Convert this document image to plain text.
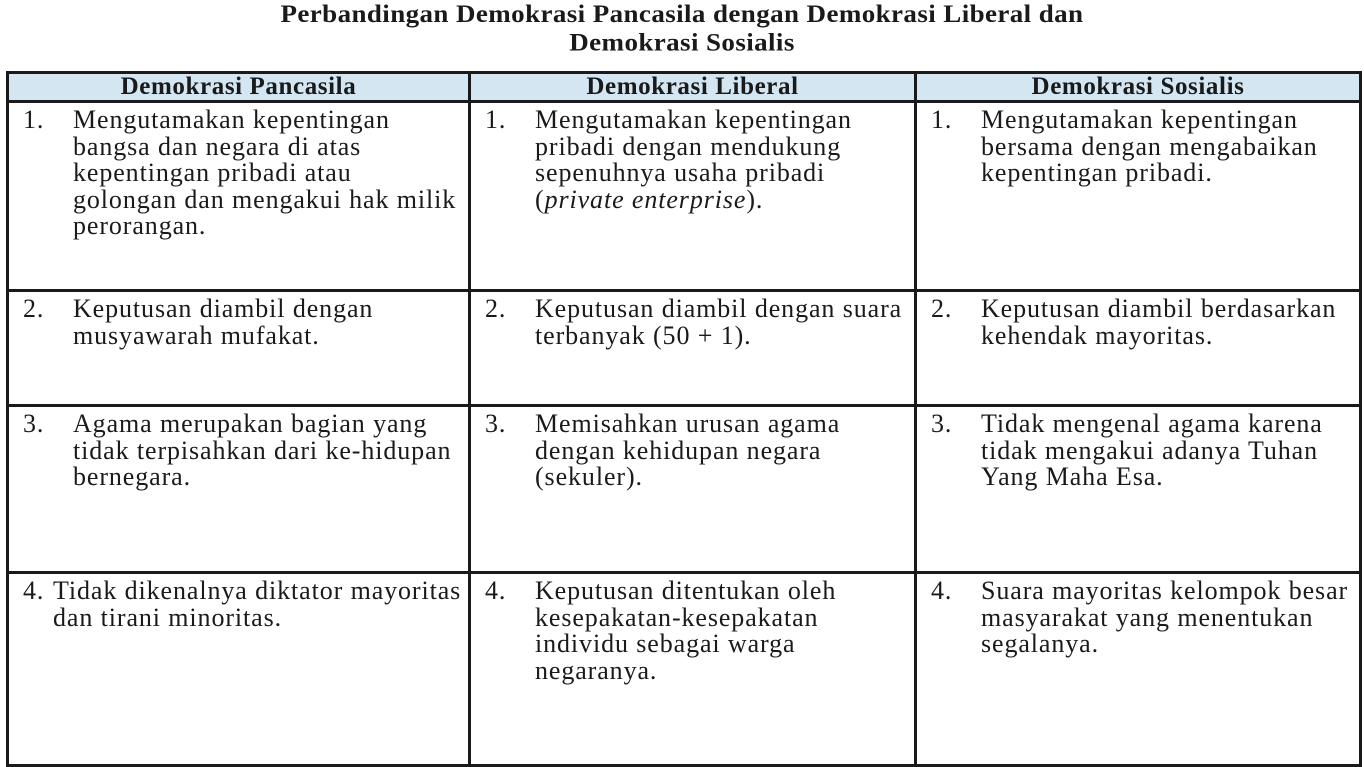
Perbandingan Demokrasi Pancasila dengan Demokrasi Liberal dan
Demokrasi Sosialis
Demokrasi Pancasila	Demokrasi Liberal	Demokrasi Sosialis

1. Mengutamakan kepentingan bangsa dan negara di atas kepentingan pribadi atau golongan dan mengakui hak milik perorangan.	1. Mengutamakan kepentingan pribadi dengan mendukung sepenuhnya usaha pribadi (private enterprise).	1. Mengutamakan kepentingan bersama dengan mengabaikan kepentingan pribadi.

2. Keputusan diambil dengan musyawarah mufakat.	2. Keputusan diambil dengan suara terbanyak (50 + 1).	2. Keputusan diambil berdasarkan kehendak mayoritas.

3. Agama merupakan bagian yang tidak terpisahkan dari ke-hidupan bernegara.	3. Memisahkan urusan agama dengan kehidupan negara (sekuler).	3. Tidak mengenal agama karena tidak mengakui adanya Tuhan Yang Maha Esa.

4. Tidak dikenalnya diktator mayoritas dan tirani minoritas.	4. Keputusan ditentukan oleh kesepakatan-kesepakatan individu sebagai warga negaranya.	4. Suara mayoritas kelompok besar masyarakat yang menentukan segalanya.
